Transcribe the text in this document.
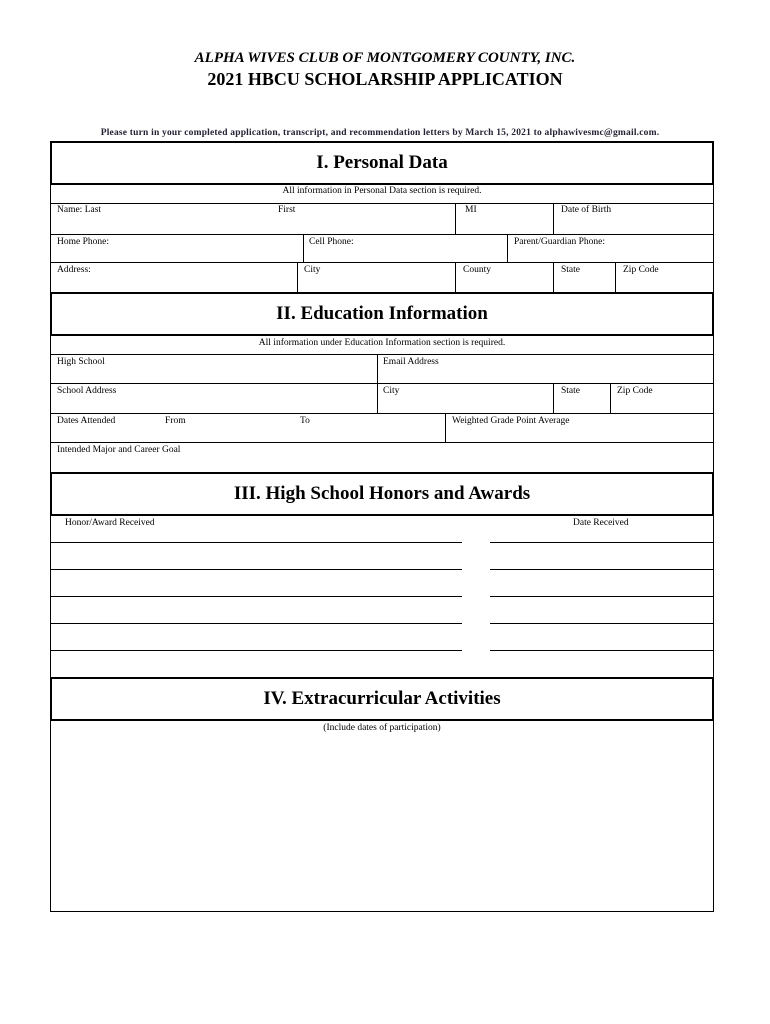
ALPHA WIVES CLUB OF MONTGOMERY COUNTY, INC.
2021 HBCU SCHOLARSHIP APPLICATION
Please turn in your completed application, transcript, and recommendation letters by March 15, 2021 to alphawivesmc@gmail.com.
I. Personal Data
All information in Personal Data section is required.
Name: Last	First	MI	Date of Birth
Home Phone:	Cell Phone:	Parent/Guardian Phone:
Address:	City	County	State	Zip Code
II. Education Information
All information under Education Information section is required.
High School	Email Address
School Address	City	State	Zip Code
Dates Attended	From	To	Weighted Grade Point Average
Intended Major and Career Goal
III. High School Honors and Awards
Honor/Award Received	Date Received
IV. Extracurricular Activities
(Include dates of participation)
